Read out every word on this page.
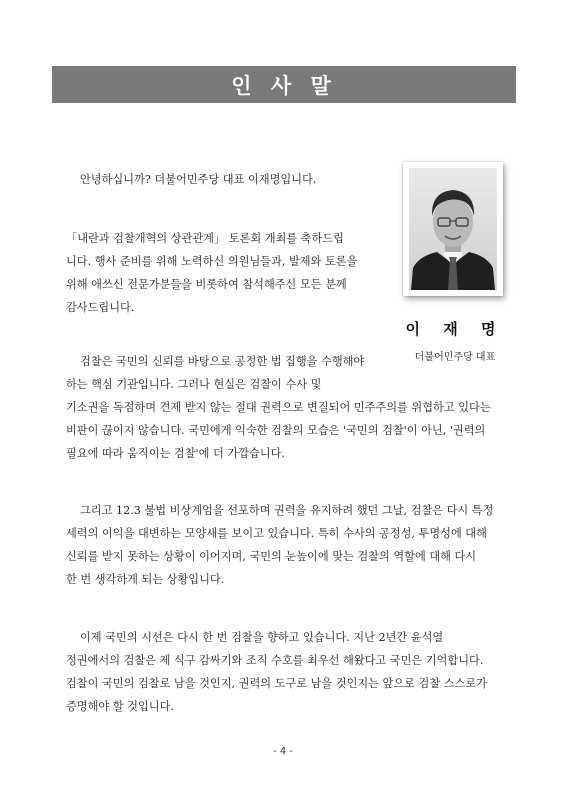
인 사 말
이 재 명
더불어민주당 대표
안녕하십니까? 더불어민주당 대표 이재명입니다.
「내란과 검찰개혁의 상관관계」 토론회 개최를 축하드립
니다. 행사 준비를 위해 노력하신 의원님들과, 발제와 토론을
위해 애쓰신 전문가분들을 비롯하여 참석해주신 모든 분께
감사드립니다.
검찰은 국민의 신뢰를 바탕으로 공정한 법 집행을 수행해야
하는 핵심 기관입니다. 그러나 현실은 검찰이 수사 및
기소권을 독점하며 견제 받지 않는 절대 권력으로 변질되어 민주주의를 위협하고 있다는
비판이 끊이지 않습니다. 국민에게 익숙한 검찰의 모습은 '국민의 검찰'이 아닌, '권력의
필요에 따라 움직이는 검찰'에 더 가깝습니다.
그리고 12.3 불법 비상계엄을 선포하며 권력을 유지하려 했던 그날, 검찰은 다시 특정
세력의 이익을 대변하는 모양새를 보이고 있습니다. 특히 수사의 공정성, 투명성에 대해
신뢰를 받지 못하는 상황이 이어지며, 국민의 눈높이에 맞는 검찰의 역할에 대해 다시
한 번 생각하게 되는 상황입니다.
이제 국민의 시선은 다시 한 번 검찰을 향하고 있습니다. 지난 2년간 윤석열
정권에서의 검찰은 제 식구 감싸기와 조직 수호를 최우선 해왔다고 국민은 기억합니다.
검찰이 국민의 검찰로 남을 것인지, 권력의 도구로 남을 것인지는 앞으로 검찰 스스로가
증명해야 할 것입니다.
- 4 -
